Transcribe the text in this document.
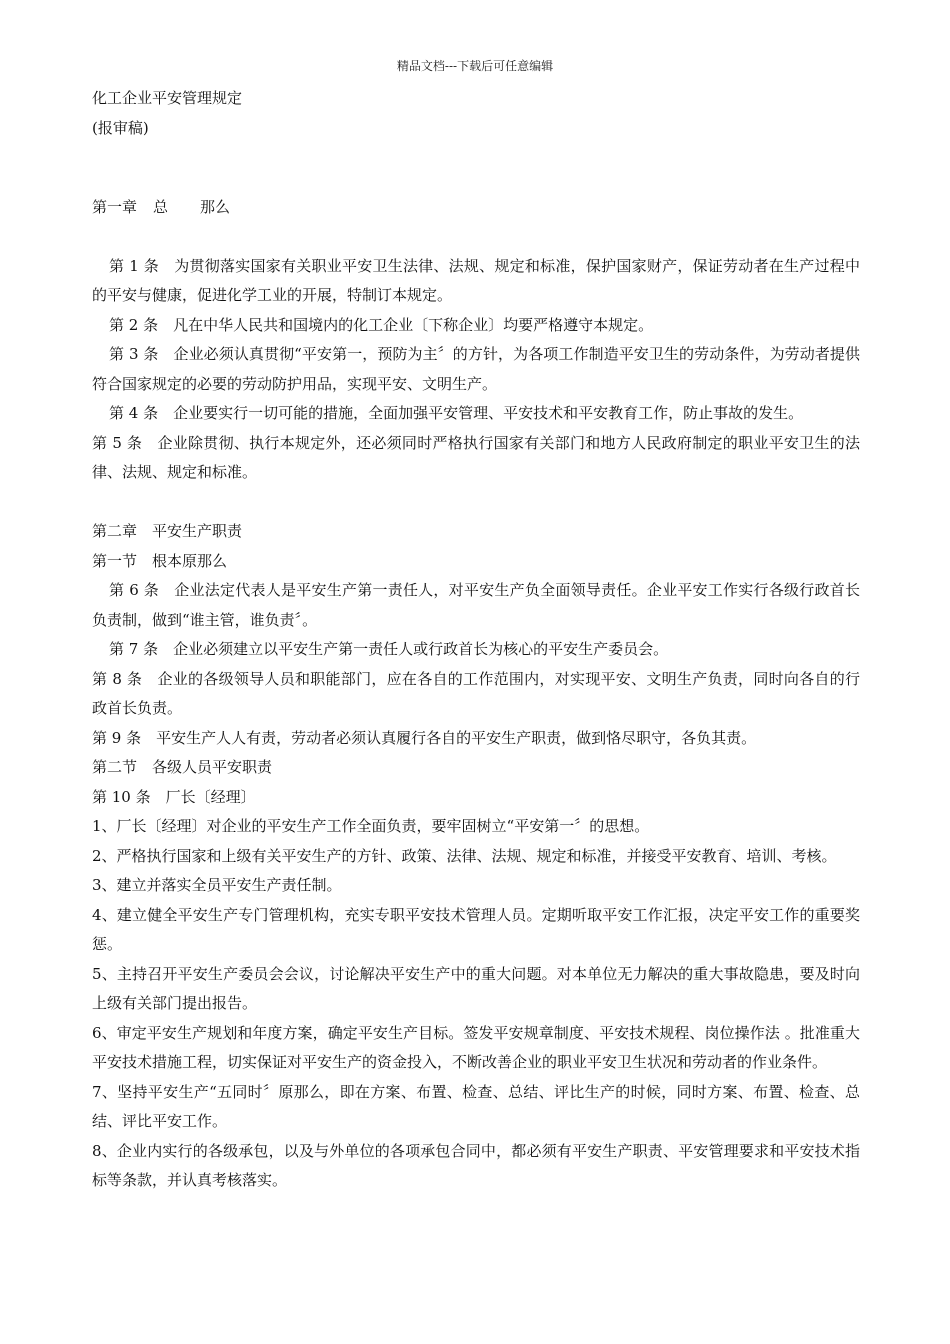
精品文档---下载后可任意编辑

化工企业平安管理规定

(报审稿)

第一章 总 那么

第 1 条　为贯彻落实国家有关职业平安卫生法律、法规、规定和标准，保护国家财产，保证劳动者在生产过程中的平安与健康，促进化学工业的开展，特制订本规定。

第 2 条　凡在中华人民共和国境内的化工企业〔下称企业〕均要严格遵守本规定。

第 3 条　企业必须认真贯彻“平安第一，预防为主〞的方针，为各项工作制造平安卫生的劳动条件，为劳动者提供符合国家规定的必要的劳动防护用品，实现平安、文明生产。

第 4 条　企业要实行一切可能的措施，全面加强平安管理、平安技术和平安教育工作，防止事故的发生。

第 5 条　企业除贯彻、执行本规定外，还必须同时严格执行国家有关部门和地方人民政府制定的职业平安卫生的法律、法规、规定和标准。

第二章　平安生产职责

第一节　根本原那么

第 6 条　企业法定代表人是平安生产第一责任人，对平安生产负全面领导责任。企业平安工作实行各级行政首长负责制，做到“谁主管，谁负责〞。

第 7 条　企业必须建立以平安生产第一责任人或行政首长为核心的平安生产委员会。

第 8 条　企业的各级领导人员和职能部门，应在各自的工作范围内，对实现平安、文明生产负责，同时向各自的行政首长负责。

第 9 条　平安生产人人有责，劳动者必须认真履行各自的平安生产职责，做到恪尽职守，各负其责。

第二节　各级人员平安职责

第 10 条　厂长〔经理〕

1、厂长〔经理〕对企业的平安生产工作全面负责，要牢固树立“平安第一〞的思想。

2、严格执行国家和上级有关平安生产的方针、政策、法律、法规、规定和标准，并接受平安教育、培训、考核。

3、建立并落实全员平安生产责任制。

4、建立健全平安生产专门管理机构，充实专职平安技术管理人员。定期听取平安工作汇报，决定平安工作的重要奖惩。

5、主持召开平安生产委员会会议，讨论解决平安生产中的重大问题。对本单位无力解决的重大事故隐患，要及时向上级有关部门提出报告。

6、审定平安生产规划和年度方案，确定平安生产目标。签发平安规章制度、平安技术规程、岗位操作法 。批准重大平安技术措施工程，切实保证对平安生产的资金投入，不断改善企业的职业平安卫生状况和劳动者的作业条件。

7、坚持平安生产“五同时〞原那么，即在方案、布置、检查、总结、评比生产的时候，同时方案、布置、检查、总结、评比平安工作。

8、企业内实行的各级承包，以及与外单位的各项承包合同中，都必须有平安生产职责、平安管理要求和平安技术指标等条款，并认真考核落实。
